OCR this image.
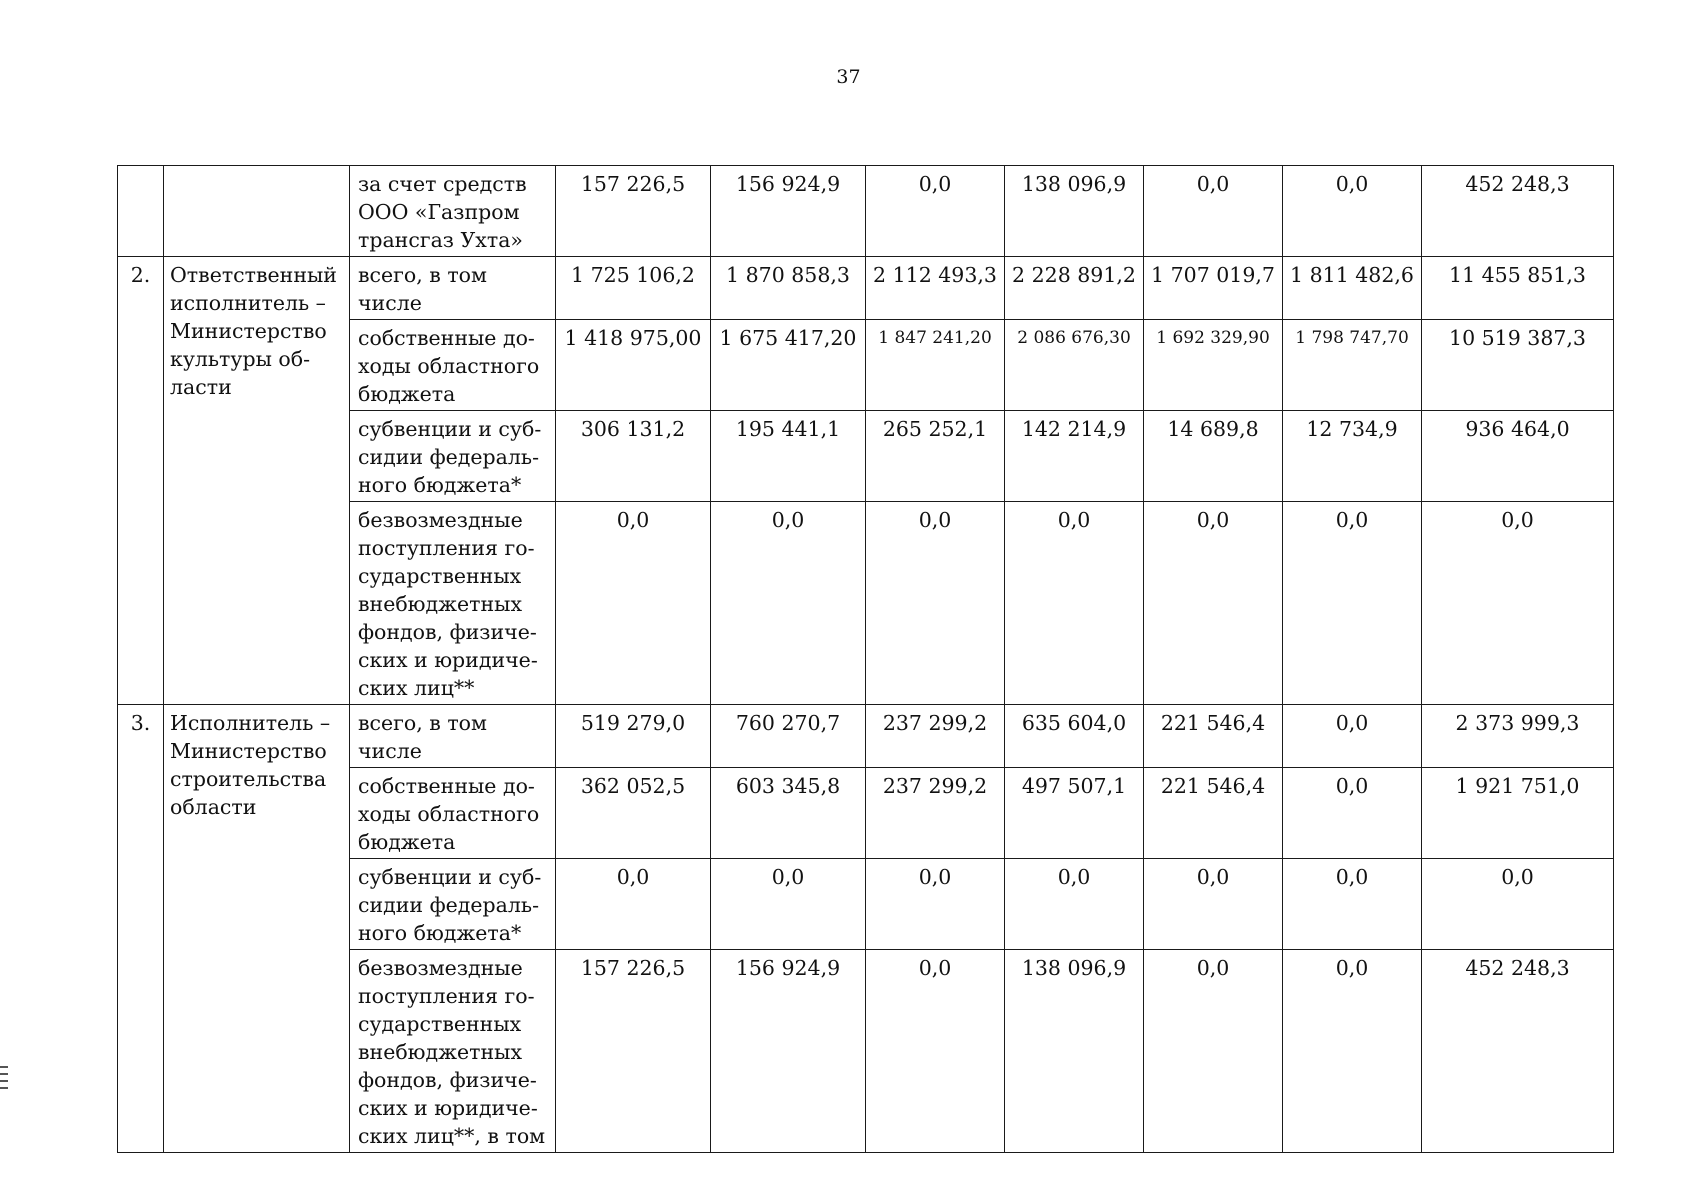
37
		за счет средств ООО «Газпром трансгаз Ухта»	157 226,5	156 924,9	0,0	138 096,9	0,0	0,0	452 248,3
2.	Ответственный исполнитель – Министерство культуры области	всего, в том числе	1 725 106,2	1 870 858,3	2 112 493,3	2 228 891,2	1 707 019,7	1 811 482,6	11 455 851,3
		собственные доходы областного бюджета	1 418 975,00	1 675 417,20	1 847 241,20	2 086 676,30	1 692 329,90	1 798 747,70	10 519 387,3
		субвенции и субсидии федерального бюджета*	306 131,2	195 441,1	265 252,1	142 214,9	14 689,8	12 734,9	936 464,0
		безвозмездные поступления государственных внебюджетных фондов, физических и юридических лиц**	0,0	0,0	0,0	0,0	0,0	0,0	0,0
3.	Исполнитель – Министерство строительства области	всего, в том числе	519 279,0	760 270,7	237 299,2	635 604,0	221 546,4	0,0	2 373 999,3
		собственные доходы областного бюджета	362 052,5	603 345,8	237 299,2	497 507,1	221 546,4	0,0	1 921 751,0
		субвенции и субсидии федерального бюджета*	0,0	0,0	0,0	0,0	0,0	0,0	0,0
		безвозмездные поступления государственных внебюджетных фондов, физических и юридических лиц**, в том	157 226,5	156 924,9	0,0	138 096,9	0,0	0,0	452 248,3
